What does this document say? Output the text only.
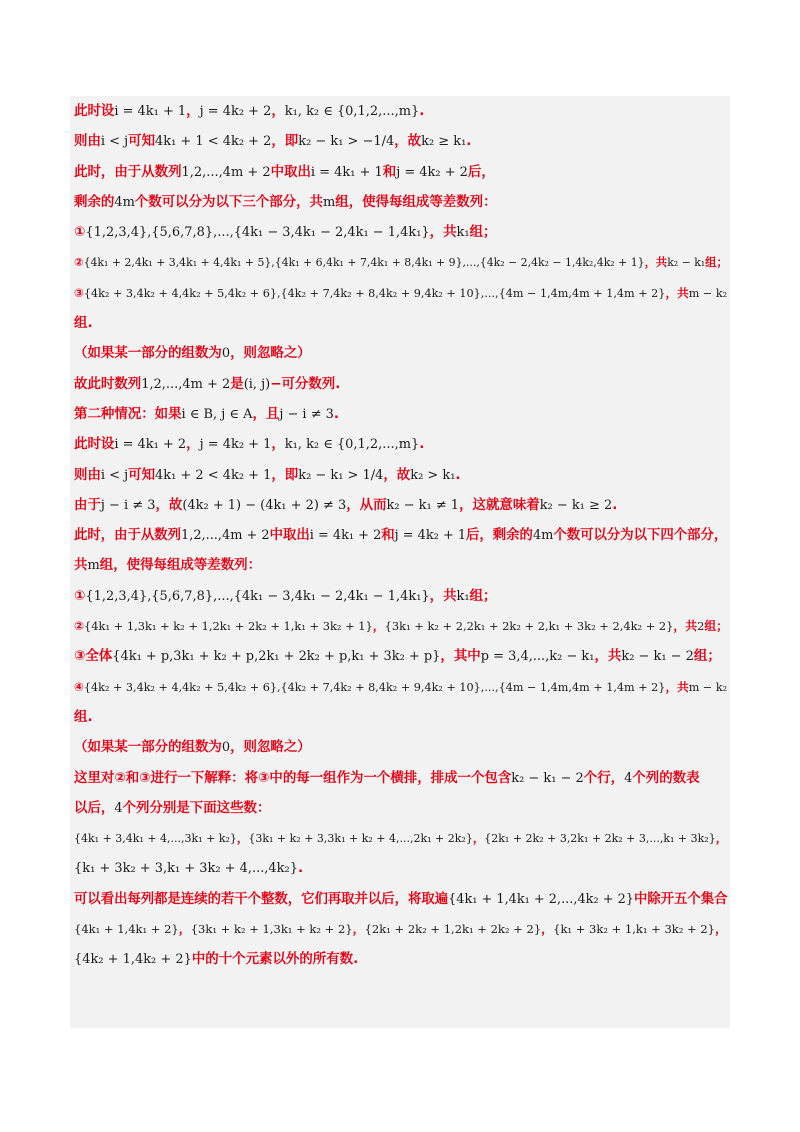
此时设i = 4k₁ + 1，j = 4k₂ + 2，k₁, k₂ ∈ {0,1,2,...,m}.
则由i < j可知4k₁ + 1 < 4k₂ + 2，即k₂ − k₁ > −1/4，故k₂ ≥ k₁.
此时，由于从数列1,2,...,4m + 2中取出i = 4k₁ + 1和j = 4k₂ + 2后，
剩余的4m个数可以分为以下三个部分，共m组，使得每组成等差数列：
①{1,2,3,4},{5,6,7,8},...,{4k₁ − 3,4k₁ − 2,4k₁ − 1,4k₁}，共k₁组；
②{4k₁ + 2,4k₁ + 3,4k₁ + 4,4k₁ + 5},{4k₁ + 6,4k₁ + 7,4k₁ + 8,4k₁ + 9},...,{4k₂ − 2,4k₂ − 1,4k₂,4k₂ + 1}，共k₂ − k₁组；
③{4k₂ + 3,4k₂ + 4,4k₂ + 5,4k₂ + 6},{4k₂ + 7,4k₂ + 8,4k₂ + 9,4k₂ + 10},...,{4m − 1,4m,4m + 1,4m + 2}，共m − k₂
组.
（如果某一部分的组数为0，则忽略之）
故此时数列1,2,...,4m + 2是(i, j)−可分数列.
第二种情况：如果i ∈ B, j ∈ A，且j − i ≠ 3.
此时设i = 4k₁ + 2，j = 4k₂ + 1，k₁, k₂ ∈ {0,1,2,...,m}.
则由i < j可知4k₁ + 2 < 4k₂ + 1，即k₂ − k₁ > 1/4，故k₂ > k₁.
由于j − i ≠ 3，故(4k₂ + 1) − (4k₁ + 2) ≠ 3，从而k₂ − k₁ ≠ 1，这就意味着k₂ − k₁ ≥ 2.
此时，由于从数列1,2,...,4m + 2中取出i = 4k₁ + 2和j = 4k₂ + 1后，剩余的4m个数可以分为以下四个部分，
共m组，使得每组成等差数列：
①{1,2,3,4},{5,6,7,8},...,{4k₁ − 3,4k₁ − 2,4k₁ − 1,4k₁}，共k₁组；
②{4k₁ + 1,3k₁ + k₂ + 1,2k₁ + 2k₂ + 1,k₁ + 3k₂ + 1}，{3k₁ + k₂ + 2,2k₁ + 2k₂ + 2,k₁ + 3k₂ + 2,4k₂ + 2}，共2组；
③全体{4k₁ + p,3k₁ + k₂ + p,2k₁ + 2k₂ + p,k₁ + 3k₂ + p}，其中p = 3,4,...,k₂ − k₁，共k₂ − k₁ − 2组；
④{4k₂ + 3,4k₂ + 4,4k₂ + 5,4k₂ + 6},{4k₂ + 7,4k₂ + 8,4k₂ + 9,4k₂ + 10},...,{4m − 1,4m,4m + 1,4m + 2}，共m − k₂
组.
（如果某一部分的组数为0，则忽略之）
这里对②和③进行一下解释：将③中的每一组作为一个横排，排成一个包含k₂ − k₁ − 2个行，4个列的数表
以后，4个列分别是下面这些数：
{4k₁ + 3,4k₁ + 4,...,3k₁ + k₂}，{3k₁ + k₂ + 3,3k₁ + k₂ + 4,...,2k₁ + 2k₂}，{2k₁ + 2k₂ + 3,2k₁ + 2k₂ + 3,...,k₁ + 3k₂}，
{k₁ + 3k₂ + 3,k₁ + 3k₂ + 4,...,4k₂}.
可以看出每列都是连续的若干个整数，它们再取并以后，将取遍{4k₁ + 1,4k₁ + 2,...,4k₂ + 2}中除开五个集合
{4k₁ + 1,4k₁ + 2}，{3k₁ + k₂ + 1,3k₁ + k₂ + 2}，{2k₁ + 2k₂ + 1,2k₁ + 2k₂ + 2}，{k₁ + 3k₂ + 1,k₁ + 3k₂ + 2}，
{4k₂ + 1,4k₂ + 2}中的十个元素以外的所有数.
